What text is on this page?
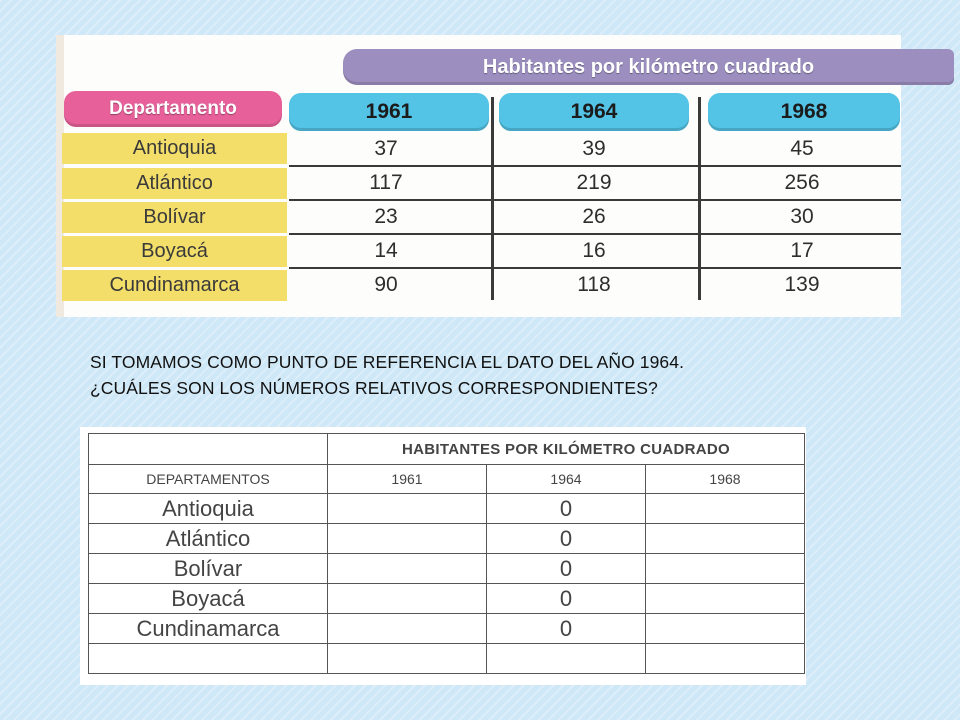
Habitantes por kilómetro cuadrado
Departamento	1961	1964	1968
Antioquia	37	39	45
Atlántico	117	219	256
Bolívar	23	26	30
Boyacá	14	16	17
Cundinamarca	90	118	139

SI TOMAMOS COMO PUNTO DE REFERENCIA EL DATO DEL AÑO 1964.

¿CUÁLES SON LOS NÚMEROS RELATIVOS CORRESPONDIENTES?

	HABITANTES POR KILÓMETRO CUADRADO		
DEPARTAMENTOS	1961	1964	1968
Antioquia		0	
Atlántico		0	
Bolívar		0	
Boyacá		0	
Cundinamarca		0	
